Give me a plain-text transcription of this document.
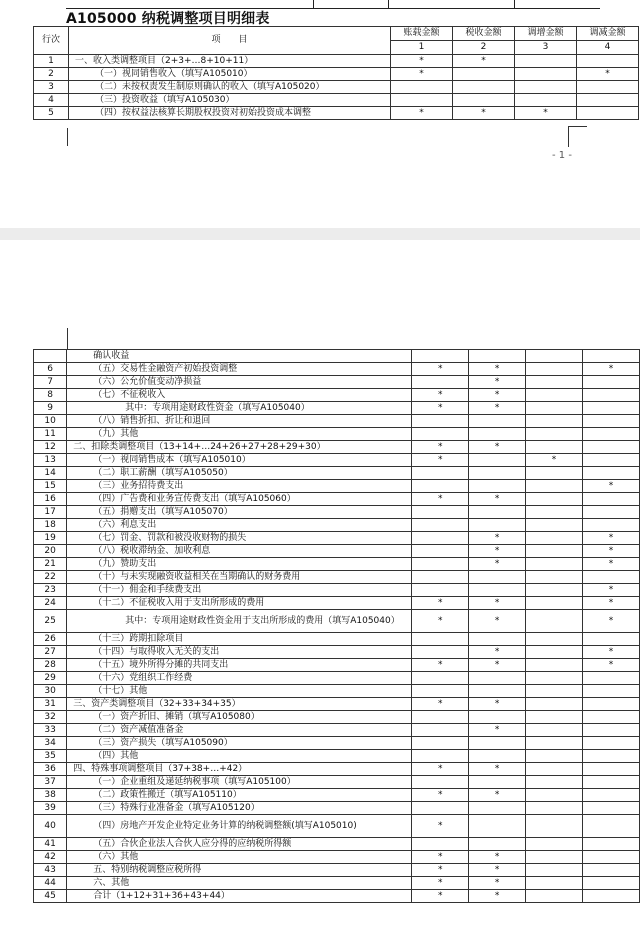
A105000 纳税调整项目明细表
行次	项　　目	账载金额	税收金额	调增金额	调减金额
		1	2	3	4
1	一、收入类调整项目（2+3+…8+10+11）	*	*		
2	（一）视同销售收入（填写A105010）	*			*
3	（二）未按权责发生制原则确认的收入（填写A105020）				
4	（三）投资收益（填写A105030）				
5	（四）按权益法核算长期股权投资对初始投资成本调整	*	*	*	
- 1 -
	确认收益				
6	（五）交易性金融资产初始投资调整	*	*		*
7	（六）公允价值变动净损益		*		
8	（七）不征税收入	*	*		
9	其中：专项用途财政性资金（填写A105040）	*	*		
10	（八）销售折扣、折让和退回				
11	（九）其他				
12	二、扣除类调整项目（13+14+…24+26+27+28+29+30）	*	*		
13	（一）视同销售成本（填写A105010）	*		*	
14	（二）职工薪酬（填写A105050）				
15	（三）业务招待费支出				*
16	（四）广告费和业务宣传费支出（填写A105060）	*	*		
17	（五）捐赠支出（填写A105070）				
18	（六）利息支出				
19	（七）罚金、罚款和被没收财物的损失		*		*
20	（八）税收滞纳金、加收利息		*		*
21	（九）赞助支出		*		*
22	（十）与未实现融资收益相关在当期确认的财务费用				
23	（十一）佣金和手续费支出				*
24	（十二）不征税收入用于支出所形成的费用	*	*		*
25	其中：专项用途财政性资金用于支出所形成的费用（填写A105040）	*	*		*
26	（十三）跨期扣除项目				
27	（十四）与取得收入无关的支出		*		*
28	（十五）境外所得分摊的共同支出	*	*		*
29	（十六）党组织工作经费				
30	（十七）其他				
31	三、资产类调整项目（32+33+34+35）	*	*		
32	（一）资产折旧、摊销（填写A105080）				
33	（二）资产减值准备金		*		
34	（三）资产损失（填写A105090）				
35	（四）其他				
36	四、特殊事项调整项目（37+38+…+42）	*	*		
37	（一）企业重组及递延纳税事项（填写A105100）				
38	（二）政策性搬迁（填写A105110）	*	*		
39	（三）特殊行业准备金（填写A105120）				
40	（四）房地产开发企业特定业务计算的纳税调整额(填写A105010)	*			
41	（五）合伙企业法人合伙人应分得的应纳税所得额				
42	（六）其他	*	*		
43	五、特别纳税调整应税所得	*	*		
44	六、其他	*	*		
45	合计（1+12+31+36+43+44）	*	*		
